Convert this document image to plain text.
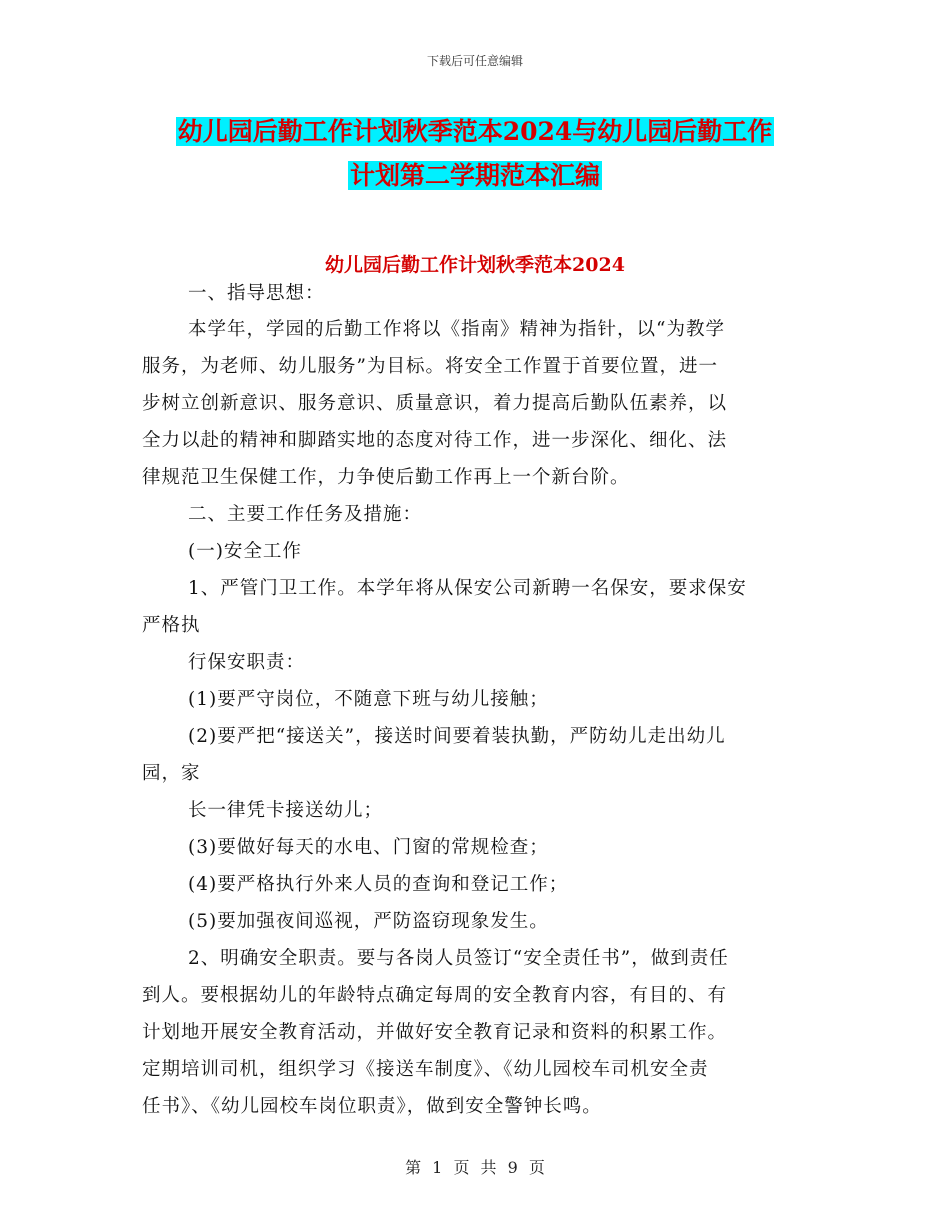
下载后可任意编辑
幼儿园后勤工作计划秋季范本2024与幼儿园后勤工作
计划第二学期范本汇编
幼儿园后勤工作计划秋季范本2024
一、指导思想：
本学年，学园的后勤工作将以《指南》精神为指针，以“为教学
服务，为老师、幼儿服务”为目标。将安全工作置于首要位置，进一
步树立创新意识、服务意识、质量意识，着力提高后勤队伍素养，以
全力以赴的精神和脚踏实地的态度对待工作，进一步深化、细化、法
律规范卫生保健工作，力争使后勤工作再上一个新台阶。
二、主要工作任务及措施：
(一)安全工作
1、严管门卫工作。本学年将从保安公司新聘一名保安，要求保安
严格执
行保安职责：
(1)要严守岗位，不随意下班与幼儿接触；
(2)要严把“接送关”，接送时间要着装执勤，严防幼儿走出幼儿
园，家
长一律凭卡接送幼儿；
(3)要做好每天的水电、门窗的常规检查；
(4)要严格执行外来人员的查询和登记工作；
(5)要加强夜间巡视，严防盗窃现象发生。
2、明确安全职责。要与各岗人员签订“安全责任书”，做到责任
到人。要根据幼儿的年龄特点确定每周的安全教育内容，有目的、有
计划地开展安全教育活动，并做好安全教育记录和资料的积累工作。
定期培训司机，组织学习《接送车制度》、《幼儿园校车司机安全责
任书》、《幼儿园校车岗位职责》，做到安全警钟长鸣。
第 1 页 共 9 页
